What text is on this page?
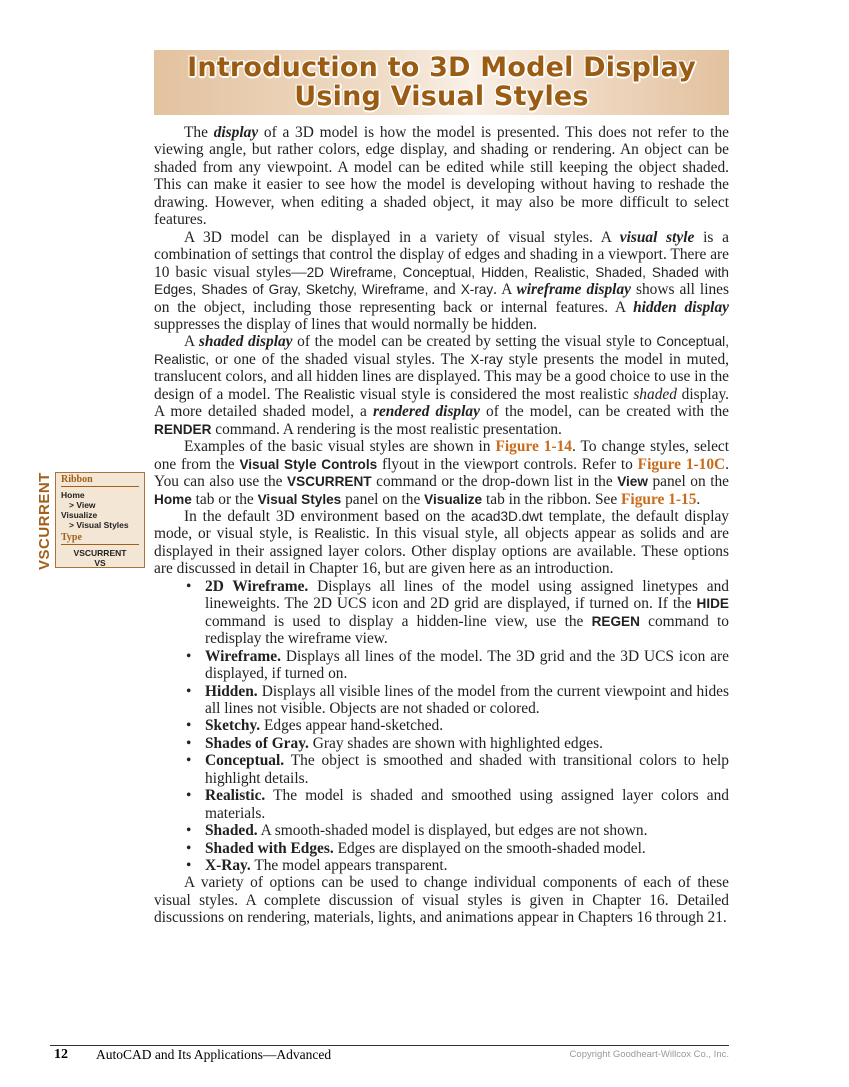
Introduction to 3D Model Display
Using Visual Styles
VSCURRENT Ribbon
Home
> View
Visualize
> Visual Styles
Type
VSCURRENT
VS

The display of a 3D model is how the model is presented. This does not refer to the viewing angle, but rather colors, edge display, and shading or rendering. An object can be shaded from any viewpoint. A model can be edited while still keeping the object shaded. This can make it easier to see how the model is developing without having to reshade the drawing. However, when editing a shaded object, it may also be more difficult to select features.

A 3D model can be displayed in a variety of visual styles. A visual style is a combination of settings that control the display of edges and shading in a viewport. There are 10 basic visual styles—2D Wireframe, Conceptual, Hidden, Realistic, Shaded, Shaded with Edges, Shades of Gray, Sketchy, Wireframe, and X-ray. A wireframe display shows all lines on the object, including those representing back or internal features. A hidden display suppresses the display of lines that would normally be hidden.

A shaded display of the model can be created by setting the visual style to Conceptual, Realistic, or one of the shaded visual styles. The X-ray style presents the model in muted, translucent colors, and all hidden lines are displayed. This may be a good choice to use in the design of a model. The Realistic visual style is considered the most realistic shaded display. A more detailed shaded model, a rendered display of the model, can be created with the RENDER command. A rendering is the most realistic presentation.

Examples of the basic visual styles are shown in Figure 1-14. To change styles, select one from the Visual Style Controls flyout in the viewport controls. Refer to Figure 1-10C. You can also use the VSCURRENT command or the drop-down list in the View panel on the Home tab or the Visual Styles panel on the Visualize tab in the ribbon. See Figure 1-15.

In the default 3D environment based on the acad3D.dwt template, the default display mode, or visual style, is Realistic. In this visual style, all objects appear as solids and are displayed in their assigned layer colors. Other display options are available. These options are discussed in detail in Chapter 16, but are given here as an introduction.

• 2D Wireframe. Displays all lines of the model using assigned linetypes and lineweights. The 2D UCS icon and 2D grid are displayed, if turned on. If the HIDE command is used to display a hidden-line view, use the REGEN command to redisplay the wireframe view.
• Wireframe. Displays all lines of the model. The 3D grid and the 3D UCS icon are displayed, if turned on.
• Hidden. Displays all visible lines of the model from the current viewpoint and hides all lines not visible. Objects are not shaded or colored.
• Sketchy. Edges appear hand-sketched.
• Shades of Gray. Gray shades are shown with highlighted edges.
• Conceptual. The object is smoothed and shaded with transitional colors to help highlight details.
• Realistic. The model is shaded and smoothed using assigned layer colors and materials.
• Shaded. A smooth-shaded model is displayed, but edges are not shown.
• Shaded with Edges. Edges are displayed on the smooth-shaded model.
• X-Ray. The model appears transparent.

A variety of options can be used to change individual components of each of these visual styles. A complete discussion of visual styles is given in Chapter 16. Detailed discussions on rendering, materials, lights, and animations appear in Chapters 16 through 21.

12 AutoCAD and Its Applications—Advanced	Copyright Goodheart-Willcox Co., Inc.
